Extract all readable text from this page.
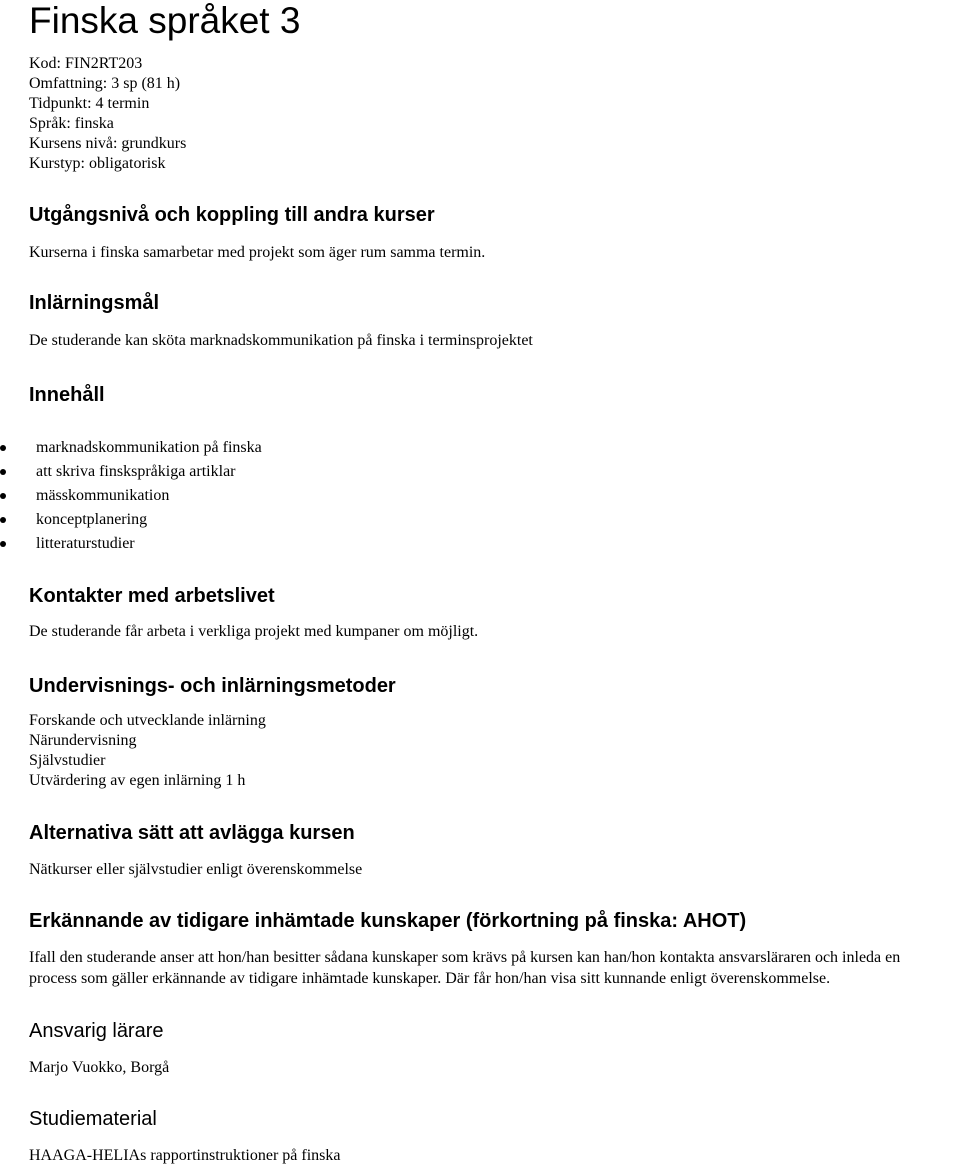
Finska språket 3
Kod: FIN2RT203
Omfattning: 3 sp (81 h)
Tidpunkt: 4 termin
Språk: finska
Kursens nivå: grundkurs
Kurstyp: obligatorisk
Utgångsnivå och koppling till andra kurser
Kurserna i finska samarbetar med projekt som äger rum samma termin.
Inlärningsmål
De studerande kan sköta marknadskommunikation på finska i terminsprojektet
Innehåll
marknadskommunikation på finska
att skriva finskspråkiga artiklar
mässkommunikation
konceptplanering
litteraturstudier
Kontakter med arbetslivet
De studerande får arbeta i verkliga projekt med kumpaner om möjligt.
Undervisnings- och inlärningsmetoder
Forskande och utvecklande inlärning
Närundervisning
Självstudier
Utvärdering av egen inlärning 1 h
Alternativa sätt att avlägga kursen
Nätkurser eller självstudier enligt överenskommelse
Erkännande av tidigare inhämtade kunskaper (förkortning på finska: AHOT)
Ifall den studerande anser att hon/han besitter sådana kunskaper som krävs på kursen kan han/hon kontakta ansvarsläraren och inleda en
process som gäller erkännande av tidigare inhämtade kunskaper. Där får hon/han visa sitt kunnande enligt överenskommelse.
Ansvarig lärare
Marjo Vuokko, Borgå
Studiematerial
HAAGA-HELIAs rapportinstruktioner på finska
